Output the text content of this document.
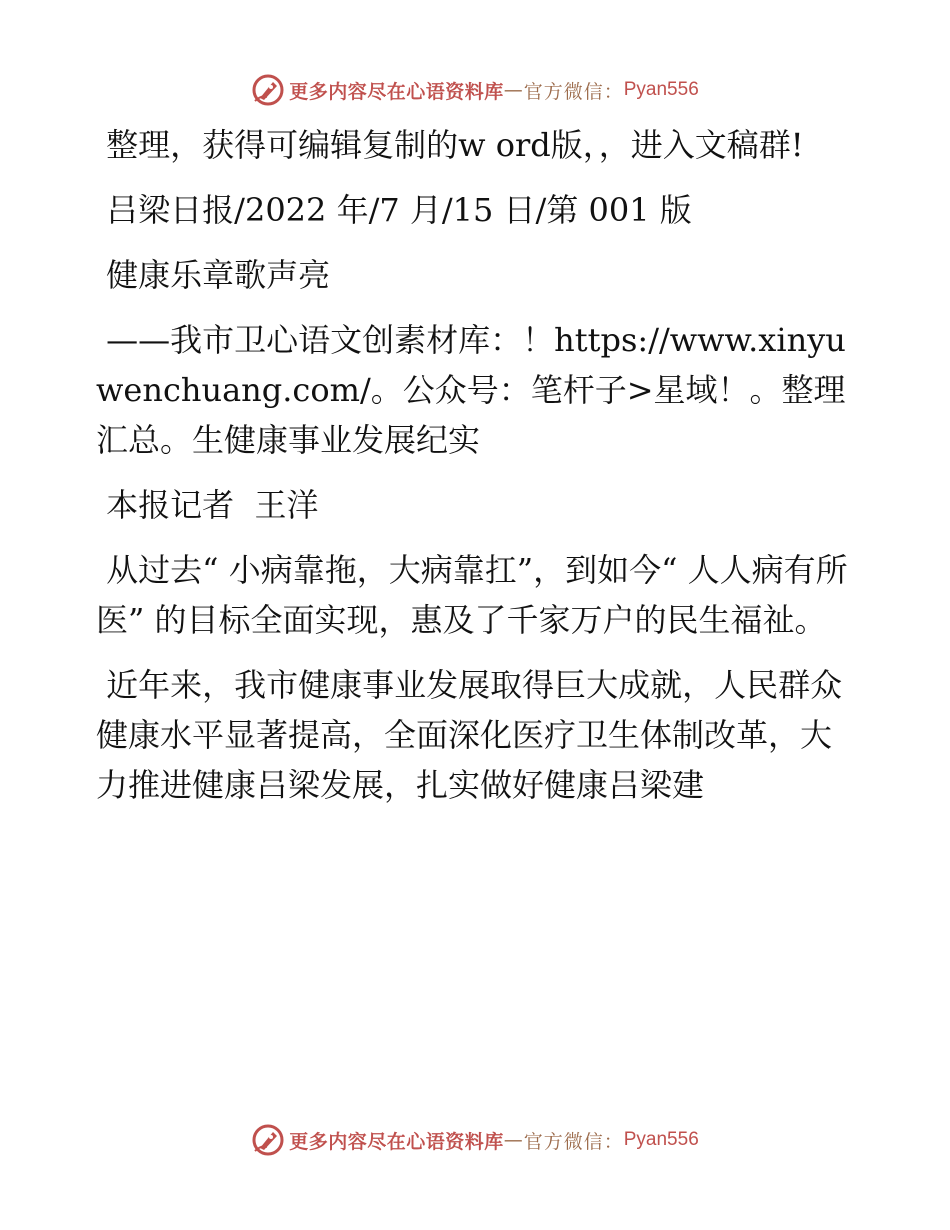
更多内容尽在心语资料库 — 官方微信： Pyan556

整理，获得可编辑复制的w ord版，，进入文稿群!

吕梁日报/2022 年/7 月/15 日/第 001 版

健康乐章歌声亮

——我市卫心语文创素材库：！https://www.xinyuwenchuang.com/。公众号：笔杆子>星域！。整理汇总。生健康事业发展纪实

本报记者  王洋

从过去“ 小病靠拖，大病靠扛”，到如今“ 人人病有所医” 的目标全面实现，惠及了千家万户的民生福祉。

近年来，我市健康事业发展取得巨大成就，人民群众健康水平显著提高，全面深化医疗卫生体制改革，大力推进健康吕梁发展，扎实做好健康吕梁建

更多内容尽在心语资料库 — 官方微信： Pyan556
